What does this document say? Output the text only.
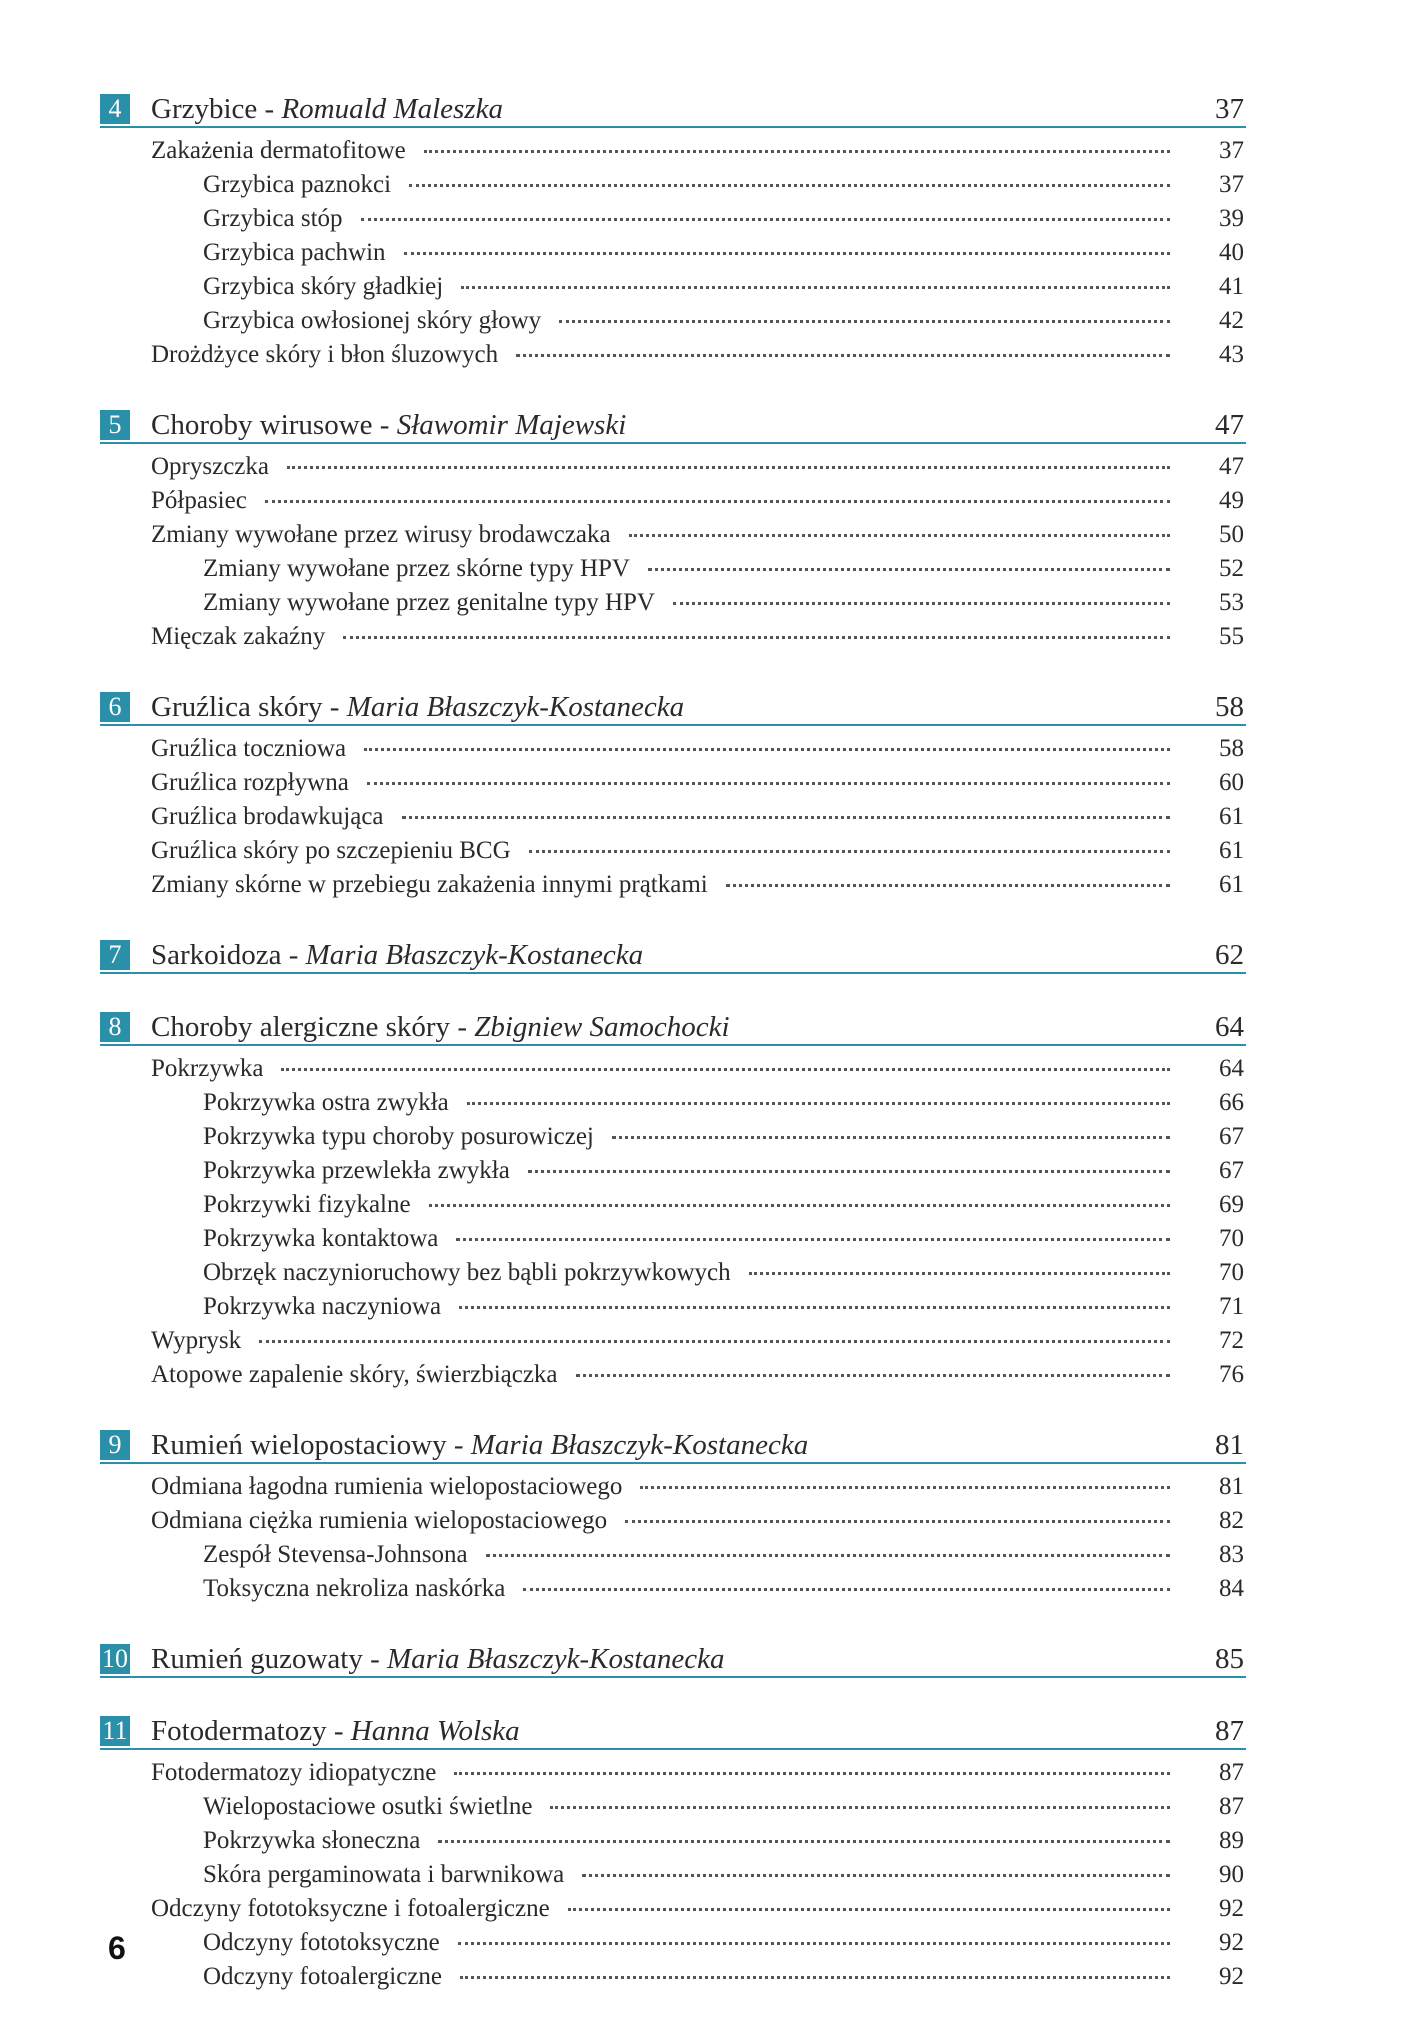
4 Grzybice - Romuald Maleszka	37
Zakażenia dermatofitowe	37
Grzybica paznokci	37
Grzybica stóp	39
Grzybica pachwin	40
Grzybica skóry gładkiej	41
Grzybica owłosionej skóry głowy	42
Drożdżyce skóry i błon śluzowych	43
5 Choroby wirusowe - Sławomir Majewski	47
Opryszczka	47
Półpasiec	49
Zmiany wywołane przez wirusy brodawczaka	50
Zmiany wywołane przez skórne typy HPV	52
Zmiany wywołane przez genitalne typy HPV	53
Mięczak zakaźny	55
6 Gruźlica skóry - Maria Błaszczyk-Kostanecka	58
Gruźlica toczniowa	58
Gruźlica rozpływna	60
Gruźlica brodawkująca	61
Gruźlica skóry po szczepieniu BCG	61
Zmiany skórne w przebiegu zakażenia innymi prątkami	61
7 Sarkoidoza - Maria Błaszczyk-Kostanecka	62
8 Choroby alergiczne skóry - Zbigniew Samochocki	64
Pokrzywka	64
Pokrzywka ostra zwykła	66
Pokrzywka typu choroby posurowiczej	67
Pokrzywka przewlekła zwykła	67
Pokrzywki fizykalne	69
Pokrzywka kontaktowa	70
Obrzęk naczynioruchowy bez bąbli pokrzywkowych	70
Pokrzywka naczyniowa	71
Wyprysk	72
Atopowe zapalenie skóry, świerzbiączka	76
9 Rumień wielopostaciowy - Maria Błaszczyk-Kostanecka	81
Odmiana łagodna rumienia wielopostaciowego	81
Odmiana ciężka rumienia wielopostaciowego	82
Zespół Stevensa-Johnsona	83
Toksyczna nekroliza naskórka	84
10 Rumień guzowaty - Maria Błaszczyk-Kostanecka	85
11 Fotodermatozy - Hanna Wolska	87
Fotodermatozy idiopatyczne	87
Wielopostaciowe osutki świetlne	87
Pokrzywka słoneczna	89
Skóra pergaminowata i barwnikowa	90
Odczyny fototoksyczne i fotoalergiczne	92
Odczyny fototoksyczne	92
Odczyny fotoalergiczne	92
6
